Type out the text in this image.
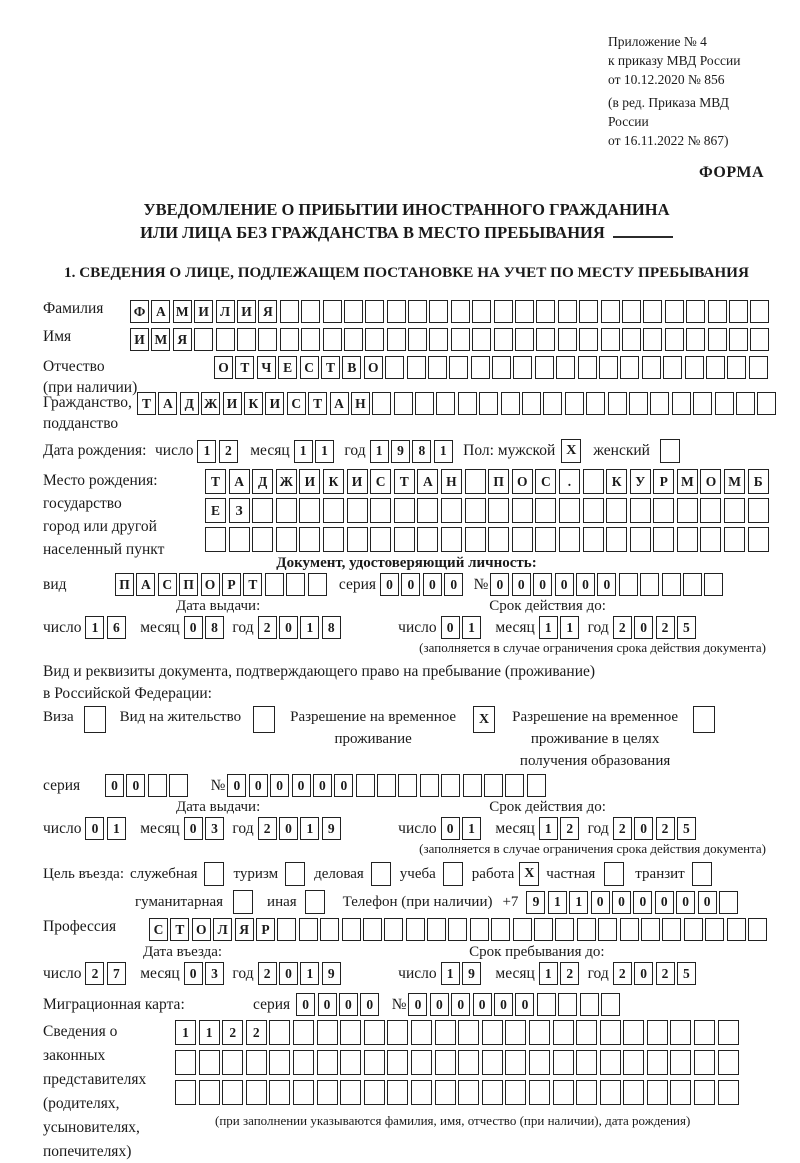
Приложение № 4
к приказу МВД России
от 10.12.2020 № 856
(в ред. Приказа МВД России
от 16.11.2022 № 867)
ФОРМА
УВЕДОМЛЕНИЕ О ПРИБЫТИИ ИНОСТРАННОГО ГРАЖДАНИНА
ИЛИ ЛИЦА БЕЗ ГРАЖДАНСТВА В МЕСТО ПРЕБЫВАНИЯ
1. СВЕДЕНИЯ О ЛИЦЕ, ПОДЛЕЖАЩЕМ ПОСТАНОВКЕ НА УЧЕТ ПО МЕСТУ ПРЕБЫВАНИЯ
Фамилия	Ф А М И Л И Я
Имя	И М Я
Отчество
(при наличии)
О Т Ч Е С Т В О
Гражданство,
подданство
Т А Д Ж И К И С Т А Н
Дата рождения: число 1	2	месяц 1	1	год 1	9	8	1	Пол: мужской X	женский
Место рождения:
государство
город или другой
населенный пункт
Т	А	Д Ж И К И С	Т	А Н	П О С	.	К	У	Р М О М Б
Е	З
Документ, удостоверяющий личность:
вид	П А С П О Р Т	серия 0	0	0	0	№ 0	0	0	0	0	0
Дата выдачи:	Срок действия до:
число 1	6	месяц 0	8 год 2	0	1	8	число 0	1	месяц 1	1 год 2	0	2	5
(заполняется в случае ограничения срока действия документа)
Вид и реквизиты документа, подтверждающего право на пребывание (проживание)
в Российской Федерации:
Виза	Вид на жительство	Разрешение на временное
проживание
X	Разрешение на временное
проживание в целях
получения образования
серия	0	0	№ 0	0	0	0	0	0
Дата выдачи:	Срок действия до:
число 0	1	месяц 0	3 год 2	0	1	9	число 0	1	месяц 1	2 год 2	0	2	5
(заполняется в случае ограничения срока действия документа)
Цель въезда: служебная туризм деловая учеба работа X частная	транзит
гуманитарная	иная	Телефон (при наличии) +7	9	1	1	0	0	0	0	0	0
Профессия	С Т О Л Я Р
Дата въезда:	Срок пребывания до:
число 2	7	месяц 0	3 год 2	0	1	9	число 1	9	месяц 1	2 год 2	0	2	5
Миграционная карта:	серия 0	0	0	0	№ 0	0	0	0	0	0
Сведения о
законных
представителях
(родителях,
усыновителях,
попечителях)
1	1	2	2
(при заполнении указываются фамилия, имя, отчество (при наличии), дата рождения)
